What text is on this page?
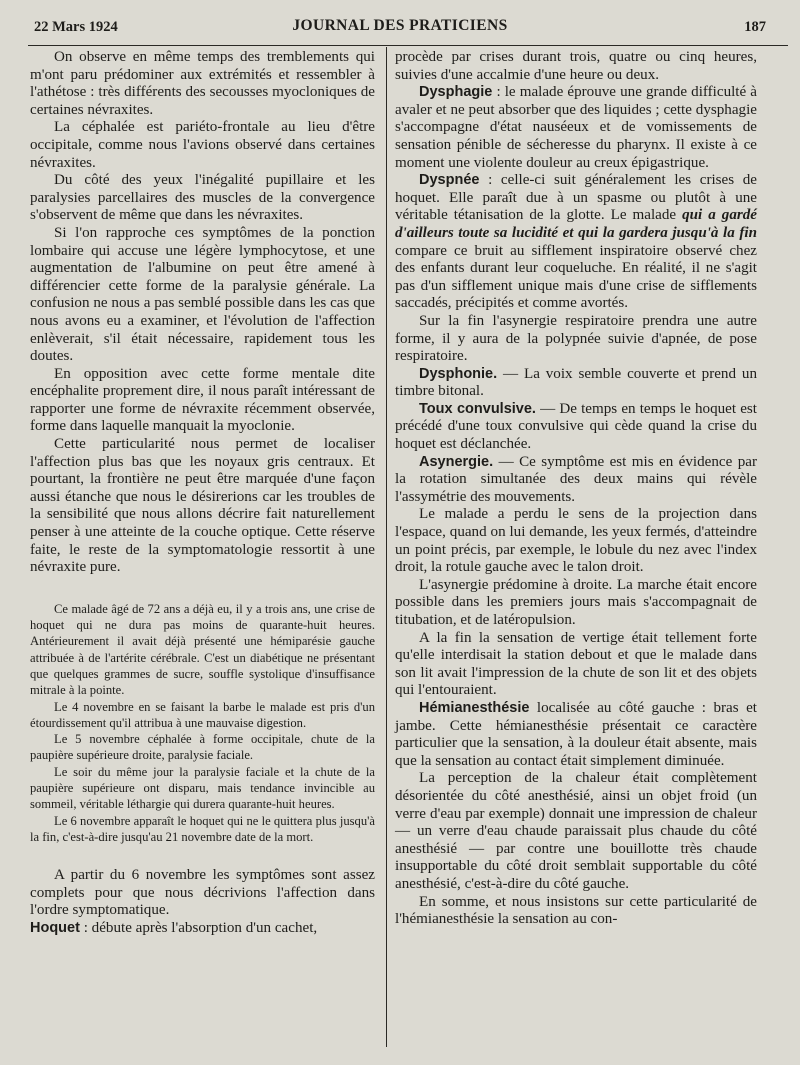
22 Mars 1924	JOURNAL DES PRATICIENS	187

On observe en même temps des tremblements qui m'ont paru prédominer aux extrémités et ressembler à l'athétose : très différents des secousses myocloniques de certaines névraxites.

La céphalée est pariéto-frontale au lieu d'être occipitale, comme nous l'avions observé dans certaines névraxites.

Du côté des yeux l'inégalité pupillaire et les paralysies parcellaires des muscles de la convergence s'observent de même que dans les névraxites.

Si l'on rapproche ces symptômes de la ponction lombaire qui accuse une légère lymphocytose, et une augmentation de l'albumine on peut être amené à différencier cette forme de la paralysie générale. La confusion ne nous a pas semblé possible dans les cas que nous avons eu a examiner, et l'évolution de l'affection enlèverait, s'il était nécessaire, rapidement tous les doutes.

En opposition avec cette forme mentale dite encéphalite proprement dire, il nous paraît intéressant de rapporter une forme de névraxite récemment observée, forme dans laquelle manquait la myoclonie.

Cette particularité nous permet de localiser l'affection plus bas que les noyaux gris centraux. Et pourtant, la frontière ne peut être marquée d'une façon aussi étanche que nous le désirerions car les troubles de la sensibilité que nous allons décrire fait naturellement penser à une atteinte de la couche optique. Cette réserve faite, le reste de la symptomatologie ressortit à une névraxite pure.

Ce malade âgé de 72 ans a déjà eu, il y a trois ans, une crise de hoquet qui ne dura pas moins de quarante-huit heures. Antérieurement il avait déjà présenté une hémiparésie gauche attribuée à de l'artérite cérébrale. C'est un diabétique ne présentant que quelques grammes de sucre, souffle systolique d'insuffisance mitrale à la pointe.

Le 4 novembre en se faisant la barbe le malade est pris d'un étourdissement qu'il attribua à une mauvaise digestion.

Le 5 novembre céphalée à forme occipitale, chute de la paupière supérieure droite, paralysie faciale.

Le soir du même jour la paralysie faciale et la chute de la paupière supérieure ont disparu, mais tendance invincible au sommeil, véritable léthargie qui durera quarante-huit heures.

Le 6 novembre apparaît le hoquet qui ne le quittera plus jusqu'à la fin, c'est-à-dire jusqu'au 21 novembre date de la mort.

A partir du 6 novembre les symptômes sont assez complets pour que nous décrivions l'affection dans l'ordre symptomatique.

Hoquet : débute après l'absorption d'un cachet,

procède par crises durant trois, quatre ou cinq heures, suivies d'une accalmie d'une heure ou deux.

Dysphagie : le malade éprouve une grande difficulté à avaler et ne peut absorber que des liquides ; cette dysphagie s'accompagne d'état nauséeux et de vomissements de sensation pénible de sécheresse du pharynx. Il existe à ce moment une violente douleur au creux épigastrique.

Dyspnée : celle-ci suit généralement les crises de hoquet. Elle paraît due à un spasme ou plutôt à une véritable tétanisation de la glotte. Le malade qui a gardé d'ailleurs toute sa lucidité et qui la gardera jusqu'à la fin compare ce bruit au sifflement inspiratoire observé chez des enfants durant leur coqueluche. En réalité, il ne s'agit pas d'un sifflement unique mais d'une crise de sifflements saccadés, précipités et comme avortés.

Sur la fin l'asynergie respiratoire prendra une autre forme, il y aura de la polypnée suivie d'apnée, de pose respiratoire.

Dysphonie. — La voix semble couverte et prend un timbre bitonal.

Toux convulsive. — De temps en temps le hoquet est précédé d'une toux convulsive qui cède quand la crise du hoquet est déclanchée.

Asynergie. — Ce symptôme est mis en évidence par la rotation simultanée des deux mains qui révèle l'assymétrie des mouvements.

Le malade a perdu le sens de la projection dans l'espace, quand on lui demande, les yeux fermés, d'atteindre un point précis, par exemple, le lobule du nez avec l'index droit, la rotule gauche avec le talon droit.

L'asynergie prédomine à droite. La marche était encore possible dans les premiers jours mais s'accompagnait de titubation, et de latéropulsion.

A la fin la sensation de vertige était tellement forte qu'elle interdisait la station debout et que le malade dans son lit avait l'impression de la chute de son lit et des objets qui l'entouraient.

Hémianesthésie localisée au côté gauche : bras et jambe. Cette hémianesthésie présentait ce caractère particulier que la sensation, à la douleur était absente, mais que la sensation au contact était simplement diminuée.

La perception de la chaleur était complètement désorientée du côté anesthésié, ainsi un objet froid (un verre d'eau par exemple) donnait une impression de chaleur — un verre d'eau chaude paraissait plus chaude du côté anesthésié — par contre une bouillotte très chaude insupportable du côté droit semblait supportable du côté anesthésié, c'est-à-dire du côté gauche.

En somme, et nous insistons sur cette particularité de l'hémianesthésie la sensation au con-
